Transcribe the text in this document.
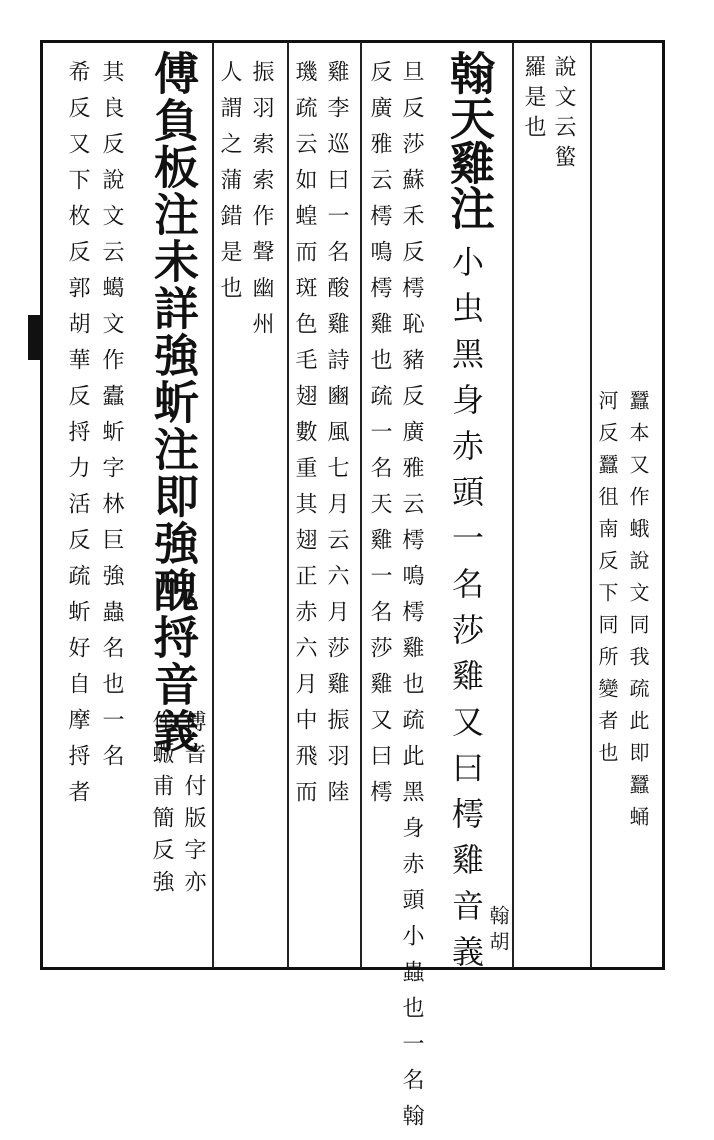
蠶本又作蛾說文同我疏此即蠶蛹
河反蠶徂南反下同所變者也
說文云螸
羅是也
翰天雞注
小虫黑身赤頭一名莎雞又曰樗雞音義 翰胡
旦反莎蘇禾反樗恥豬反廣雅云樗鳴樗雞也疏此黑身赤頭小蟲也一名翰
反廣雅云樗鳴樗雞也疏一名天雞一名莎雞又曰樗
雞李巡曰一名酸雞詩豳風七月云六月莎雞振羽陸
璣疏云如蝗而斑色毛翅數重其翅正赤六月中飛而
振羽索索作聲幽州
人謂之蒲錯是也
傅負板注未詳強蚚注即強醜捋音義
傅音付版字亦
作蝂甫簡反強
其良反說文云䗶文作蠹蚚字林巨強蟲名也一名
希反又下枚反郭胡華反捋力活反疏蚚好自摩捋者
